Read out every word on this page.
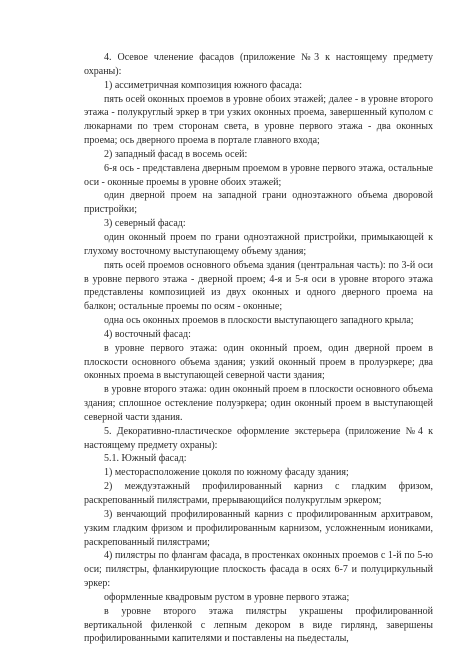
4. Осевое членение фасадов (приложение №3 к настоящему предмету охраны):

1) ассиметричная композиция южного фасада:

пять осей оконных проемов в уровне обоих этажей; далее - в уровне второго этажа - полукруглый эркер в три узких оконных проема, завершенный куполом с люкарнами по трем сторонам света, в уровне первого этажа - два оконных проема; ось дверного проема в портале главного входа;

2) западный фасад в восемь осей:

6-я ось - представлена дверным проемом в уровне первого этажа, остальные оси - оконные проемы в уровне обоих этажей;

один дверной проем на западной грани одноэтажного объема дворовой пристройки;

3) северный фасад:

один оконный проем по грани одноэтажной пристройки, примыкающей к глухому восточному выступающему объему здания;

пять осей проемов основного объема здания (центральная часть): по 3-й оси в уровне первого этажа - дверной проем; 4-я и 5-я оси в уровне второго этажа представлены композицией из двух оконных и одного дверного проема на балкон; остальные проемы по осям - оконные;

одна ось оконных проемов в плоскости выступающего западного крыла;

4) восточный фасад:

в уровне первого этажа: один оконный проем, один дверной проем в плоскости основного объема здания; узкий оконный проем в пролуэркере; два оконных проема в выступающей северной части здания;

в уровне второго этажа: один оконный проем в плоскости основного объема здания; сплошное остекление полуэркера; один оконный проем в выступающей северной части здания.

5. Декоративно-пластическое оформление экстерьера (приложение №4 к настоящему предмету охраны):

5.1. Южный фасад:

1) месторасположение цоколя по южному фасаду здания;

2) междуэтажный профилированный карниз с гладким фризом, раскрепованный пилястрами, прерывающийся полукруглым эркером;

3) венчающий профилированный карниз с профилированным архитравом, узким гладким фризом и профилированным карнизом, усложненным иониками, раскрепованный пилястрами;

4) пилястры по флангам фасада, в простенках оконных проемов с 1-й по 5-ю оси; пилястры, фланкирующие плоскость фасада в осях 6-7 и полуциркульный эркер:

оформленные квадровым рустом в уровне первого этажа;

в уровне второго этажа пилястры украшены профилированной вертикальной филенкой с лепным декором в виде гирлянд, завершены профилированными капителями и поставлены на пьедесталы,
